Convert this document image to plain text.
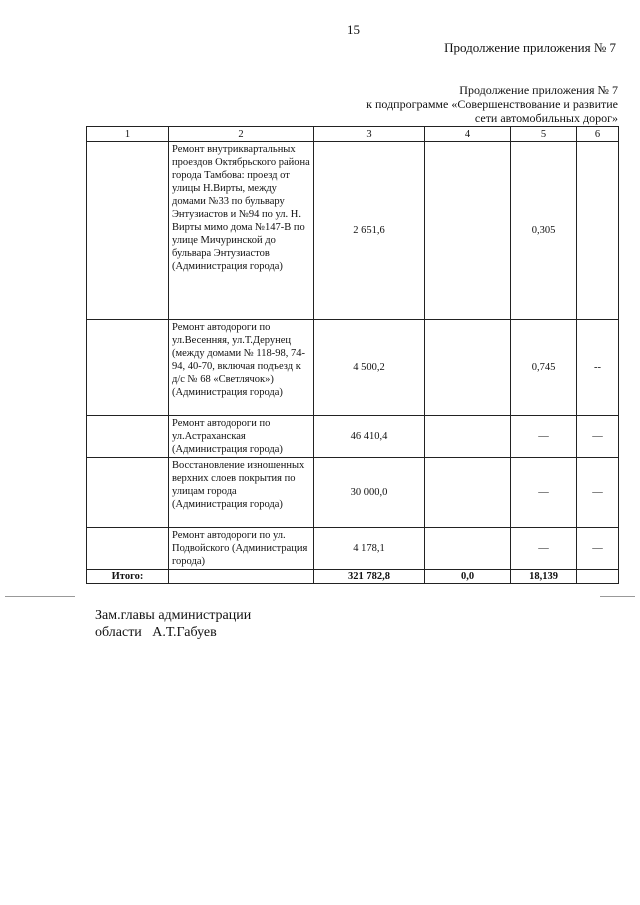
15
Продолжение приложения № 7
Продолжение приложения № 7
к подпрограмме «Совершенствование и развитие
сети автомобильных дорог»
1	2	3	4	5	6
	Ремонт внутриквартальных проездов Октябрьского района города Тамбова: проезд от улицы Н.Вирты, между домами №33 по бульвару Энтузиастов и №94 по ул. Н. Вирты мимо дома №147-В по улице Мичуринской до бульвара Энтузиастов (Администрация города)	2 651,6		0,305	
	Ремонт автодороги по ул.Весенняя, ул.Т.Дерунец (между домами № 118-98, 74-94, 40-70, включая подъезд к д/с № 68 «Светлячок») (Администрация города)	4 500,2		0,745	--
	Ремонт автодороги по ул.Астраханская (Администрация города)	46 410,4		—	—
	Восстановление изношенных верхних слоев покрытия по улицам города (Администрация города)	30 000,0		—	—
	Ремонт автодороги по ул. Подвойского (Администрация города)	4 178,1		—	—
Итого:		321 782,8	0,0	18,139	
Зам.главы администрации
области   А.Т.Габуев
